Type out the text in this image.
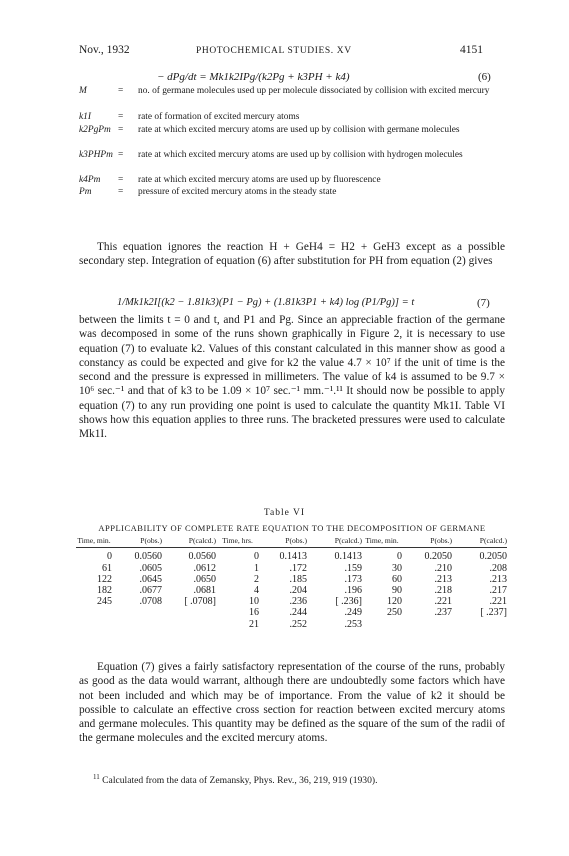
Nov., 1932	PHOTOCHEMICAL STUDIES. XV	4151
− dPg/dt = Mk1k2IPg/(k2Pg + k3PH + k4)	(6)
M	= no. of germane molecules used up per molecule dissociated by collision with excited mercury
k1I	= rate of formation of excited mercury atoms
k2PgPm = rate at which excited mercury atoms are used up by collision with germane molecules
k3PHPm = rate at which excited mercury atoms are used up by collision with hydrogen molecules
k4Pm = rate at which excited mercury atoms are used up by fluorescence
Pm	= pressure of excited mercury atoms in the steady state

This equation ignores the reaction H + GeH4 = H2 + GeH3 except as a possible secondary step. Integration of equation (6) after substitution for PH from equation (2) gives

1/Mk1k2I[(k2 − 1.81k3)(P1 − Pg) + (1.81k3P1 + k4) log (P1/Pg)] = t	(7)

between the limits t = 0 and t, and P1 and Pg. Since an appreciable fraction of the germane was decomposed in some of the runs shown graphically in Figure 2, it is necessary to use equation (7) to evaluate k2. Values of this constant calculated in this manner show as good a constancy as could be expected and give for k2 the value 4.7 × 10⁷ if the unit of time is the second and the pressure is expressed in millimeters. The value of k4 is assumed to be 9.7 × 10⁶ sec.⁻¹ and that of k3 to be 1.09 × 10⁷ sec.⁻¹ mm.⁻¹.¹¹ It should now be possible to apply equation (7) to any run providing one point is used to calculate the quantity Mk1I. Table VI shows how this equation applies to three runs. The bracketed pressures were used to calculate Mk1I.

Table VI
APPLICABILITY OF COMPLETE RATE EQUATION TO THE DECOMPOSITION OF GERMANE
Time, min.	P(obs.)	P(calcd.)	Time, hrs.	P(obs.)	P(calcd.)	Time, min.	P(obs.)	P(calcd.)
0	0.0560	0.0560	0	0.1413	0.1413	0	0.2050	0.2050
61	.0605	.0612	1	.172	.159	30	.210	.208
122	.0645	.0650	2	.185	.173	60	.213	.213
182	.0677	.0681	4	.204	.196	90	.218	.217
245	.0708	[ .0708]	10	.236	[ .236]	120	.221	.221
			16	.244	.249	250	.237	[ .237]
			21	.252	.253			

Equation (7) gives a fairly satisfactory representation of the course of the runs, probably as good as the data would warrant, although there are undoubtedly some factors which have not been included and which may be of importance. From the value of k2 it should be possible to calculate an effective cross section for reaction between excited mercury atoms and germane molecules. This quantity may be defined as the square of the sum of the radii of the germane molecules and the excited mercury atoms.

$^{11}$ Calculated from the data of Zemansky, Phys. Rev., 36, 219, 919 (1930).
